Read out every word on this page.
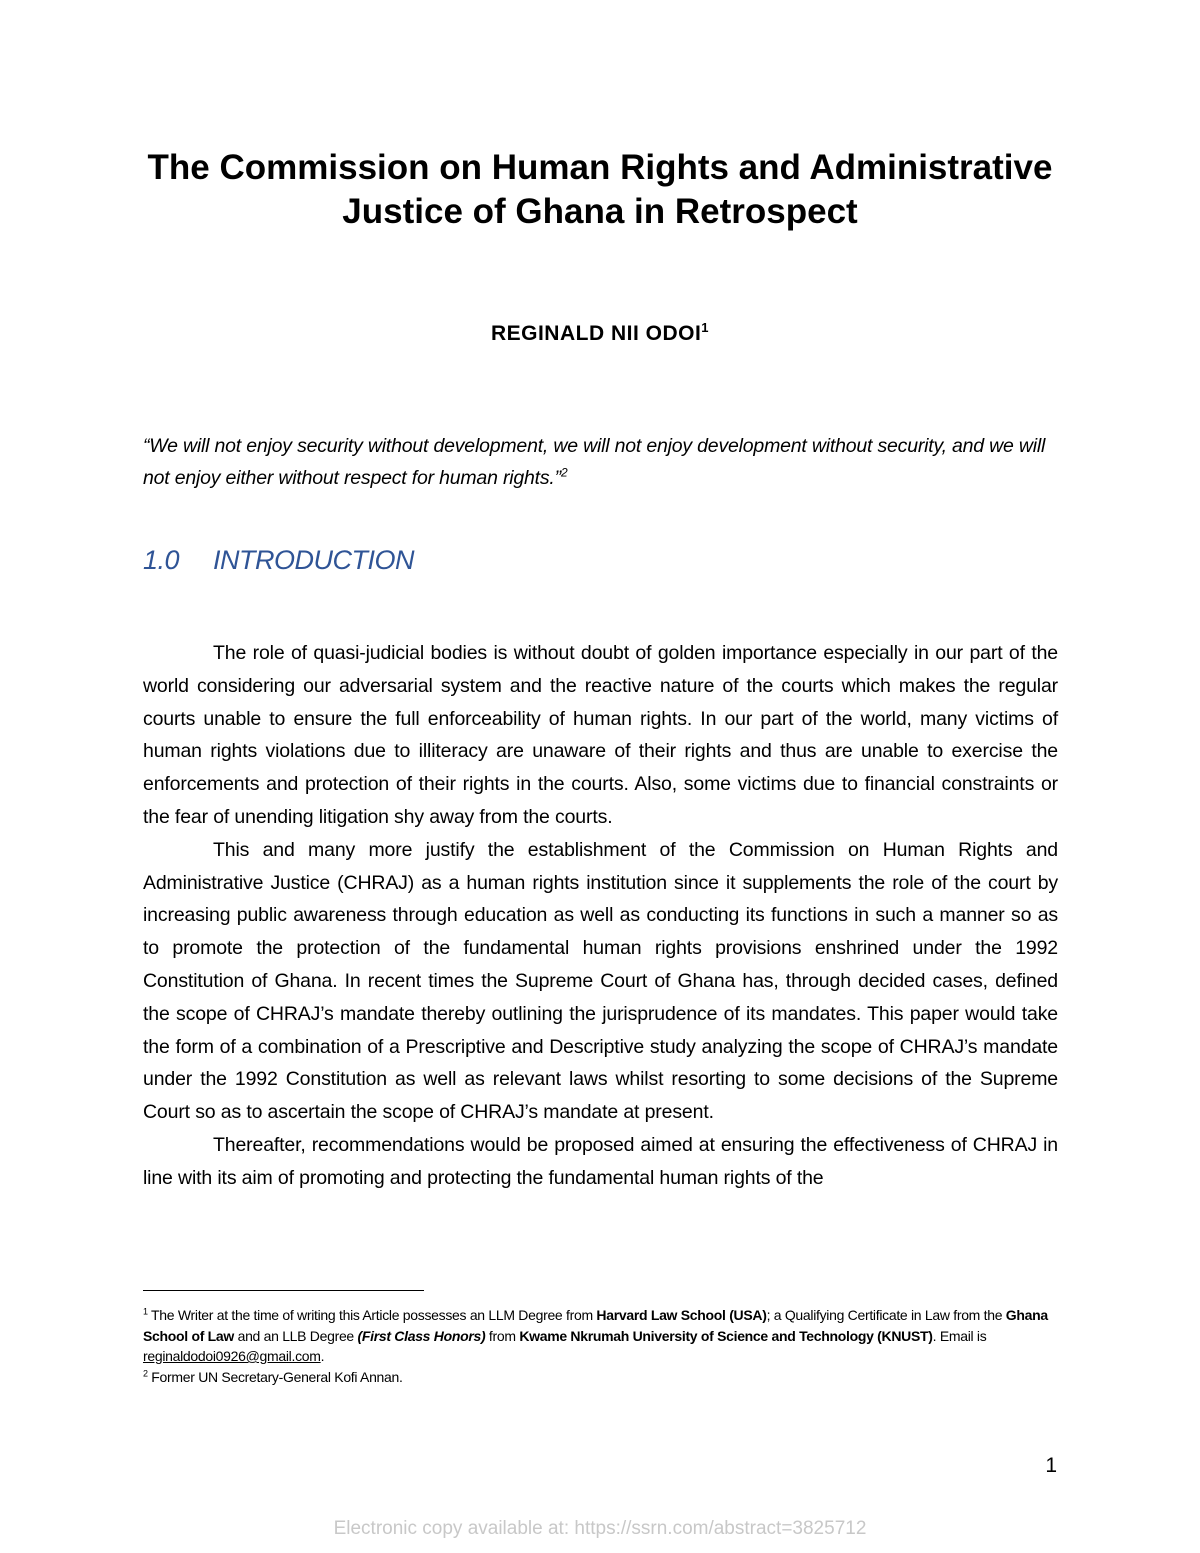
The Commission on Human Rights and Administrative
Justice of Ghana in Retrospect
REGINALD NII ODOI$^1$
“We will not enjoy security without development, we will not enjoy development without security, and we will not enjoy either without respect for human rights.”$^2$
1.0 INTRODUCTION

The role of quasi-judicial bodies is without doubt of golden importance especially in our part of the world considering our adversarial system and the reactive nature of the courts which makes the regular courts unable to ensure the full enforceability of human rights. In our part of the world, many victims of human rights violations due to illiteracy are unaware of their rights and thus are unable to exercise the enforcements and protection of their rights in the courts. Also, some victims due to financial constraints or the fear of unending litigation shy away from the courts.

This and many more justify the establishment of the Commission on Human Rights and Administrative Justice (CHRAJ) as a human rights institution since it supplements the role of the court by increasing public awareness through education as well as conducting its functions in such a manner so as to promote the protection of the fundamental human rights provisions enshrined under the 1992 Constitution of Ghana. In recent times the Supreme Court of Ghana has, through decided cases, defined the scope of CHRAJ’s mandate thereby outlining the jurisprudence of its mandates. This paper would take the form of a combination of a Prescriptive and Descriptive study analyzing the scope of CHRAJ’s mandate under the 1992 Constitution as well as relevant laws whilst resorting to some decisions of the Supreme Court so as to ascertain the scope of CHRAJ’s mandate at present.

Thereafter, recommendations would be proposed aimed at ensuring the effectiveness of CHRAJ in line with its aim of promoting and protecting the fundamental human rights of the

$^1$ The Writer at the time of writing this Article possesses an LLM Degree from Harvard Law School (USA); a Qualifying Certificate in Law from the Ghana School of Law and an LLB Degree (First Class Honors) from Kwame Nkrumah University of Science and Technology (KNUST). Email is reginaldodoi0926@gmail.com.

$^2$ Former UN Secretary-General Kofi Annan.

1
Electronic copy available at: https://ssrn.com/abstract=3825712
